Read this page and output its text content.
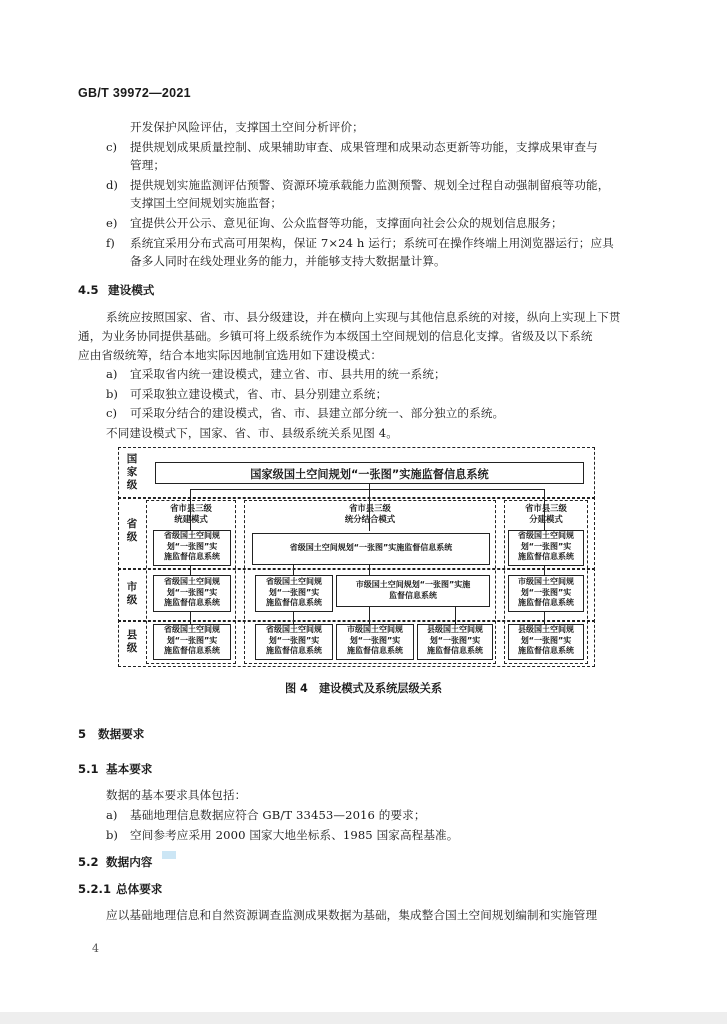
GB/T 39972—2021
开发保护风险评估，支撑国土空间分析评价；
c) 提供规划成果质量控制、成果辅助审查、成果管理和成果动态更新等功能，支撑成果审查与
管理；
d) 提供规划实施监测评估预警、资源环境承载能力监测预警、规划全过程自动强制留痕等功能，
支撑国土空间规划实施监督；
e) 宜提供公开公示、意见征询、公众监督等功能，支撑面向社会公众的规划信息服务；
f) 系统宜采用分布式高可用架构，保证 7×24 h 运行；系统可在操作终端上用浏览器运行；应具
备多人同时在线处理业务的能力，并能够支持大数据量计算。
4.5 建设模式
系统应按照国家、省、市、县分级建设，并在横向上实现与其他信息系统的对接，纵向上实现上下贯
通，为业务协同提供基础。乡镇可将上级系统作为本级国土空间规划的信息化支撑。省级及以下系统
应由省级统筹，结合本地实际因地制宜选用如下建设模式：
a) 宜采取省内统一建设模式，建立省、市、县共用的统一系统；
b) 可采取独立建设模式，省、市、县分别建立系统；
c) 可采取分结合的建设模式，省、市、县建立部分统一、部分独立的系统。
不同建设模式下，国家、省、市、县级系统关系见图 4。
国
家
级
省
级
市
级
县
级
国家级国土空间规划“一张图”实施监督信息系统
省市县三级
统建模式
省市县三级
统分结合模式
省市县三级
分建模式
省级国土空间规
划“一张图”实
施监督信息系统
省级国土空间规划“一张图”实施监督信息系统
省级国土空间规
划“一张图”实
施监督信息系统
省级国土空间规
划“一张图”实
施监督信息系统
省级国土空间规
划“一张图”实
施监督信息系统
市级国土空间规划“一张图”实施
监督信息系统
市级国土空间规
划“一张图”实
施监督信息系统
省级国土空间规
划“一张图”实
施监督信息系统
省级国土空间规
划“一张图”实
施监督信息系统
市级国土空间规
划“一张图”实
施监督信息系统
县级国土空间规
划“一张图”实
施监督信息系统
县级国土空间规
划“一张图”实
施监督信息系统
图 4　建设模式及系统层级关系
5 数据要求
5.1 基本要求
数据的基本要求具体包括：
a) 基础地理信息数据应符合 GB/T 33453—2016 的要求；
b) 空间参考应采用 2000 国家大地坐标系、1985 国家高程基准。
5.2 数据内容
5.2.1 总体要求
应以基础地理信息和自然资源调查监测成果数据为基础，集成整合国土空间规划编制和实施管理
4
